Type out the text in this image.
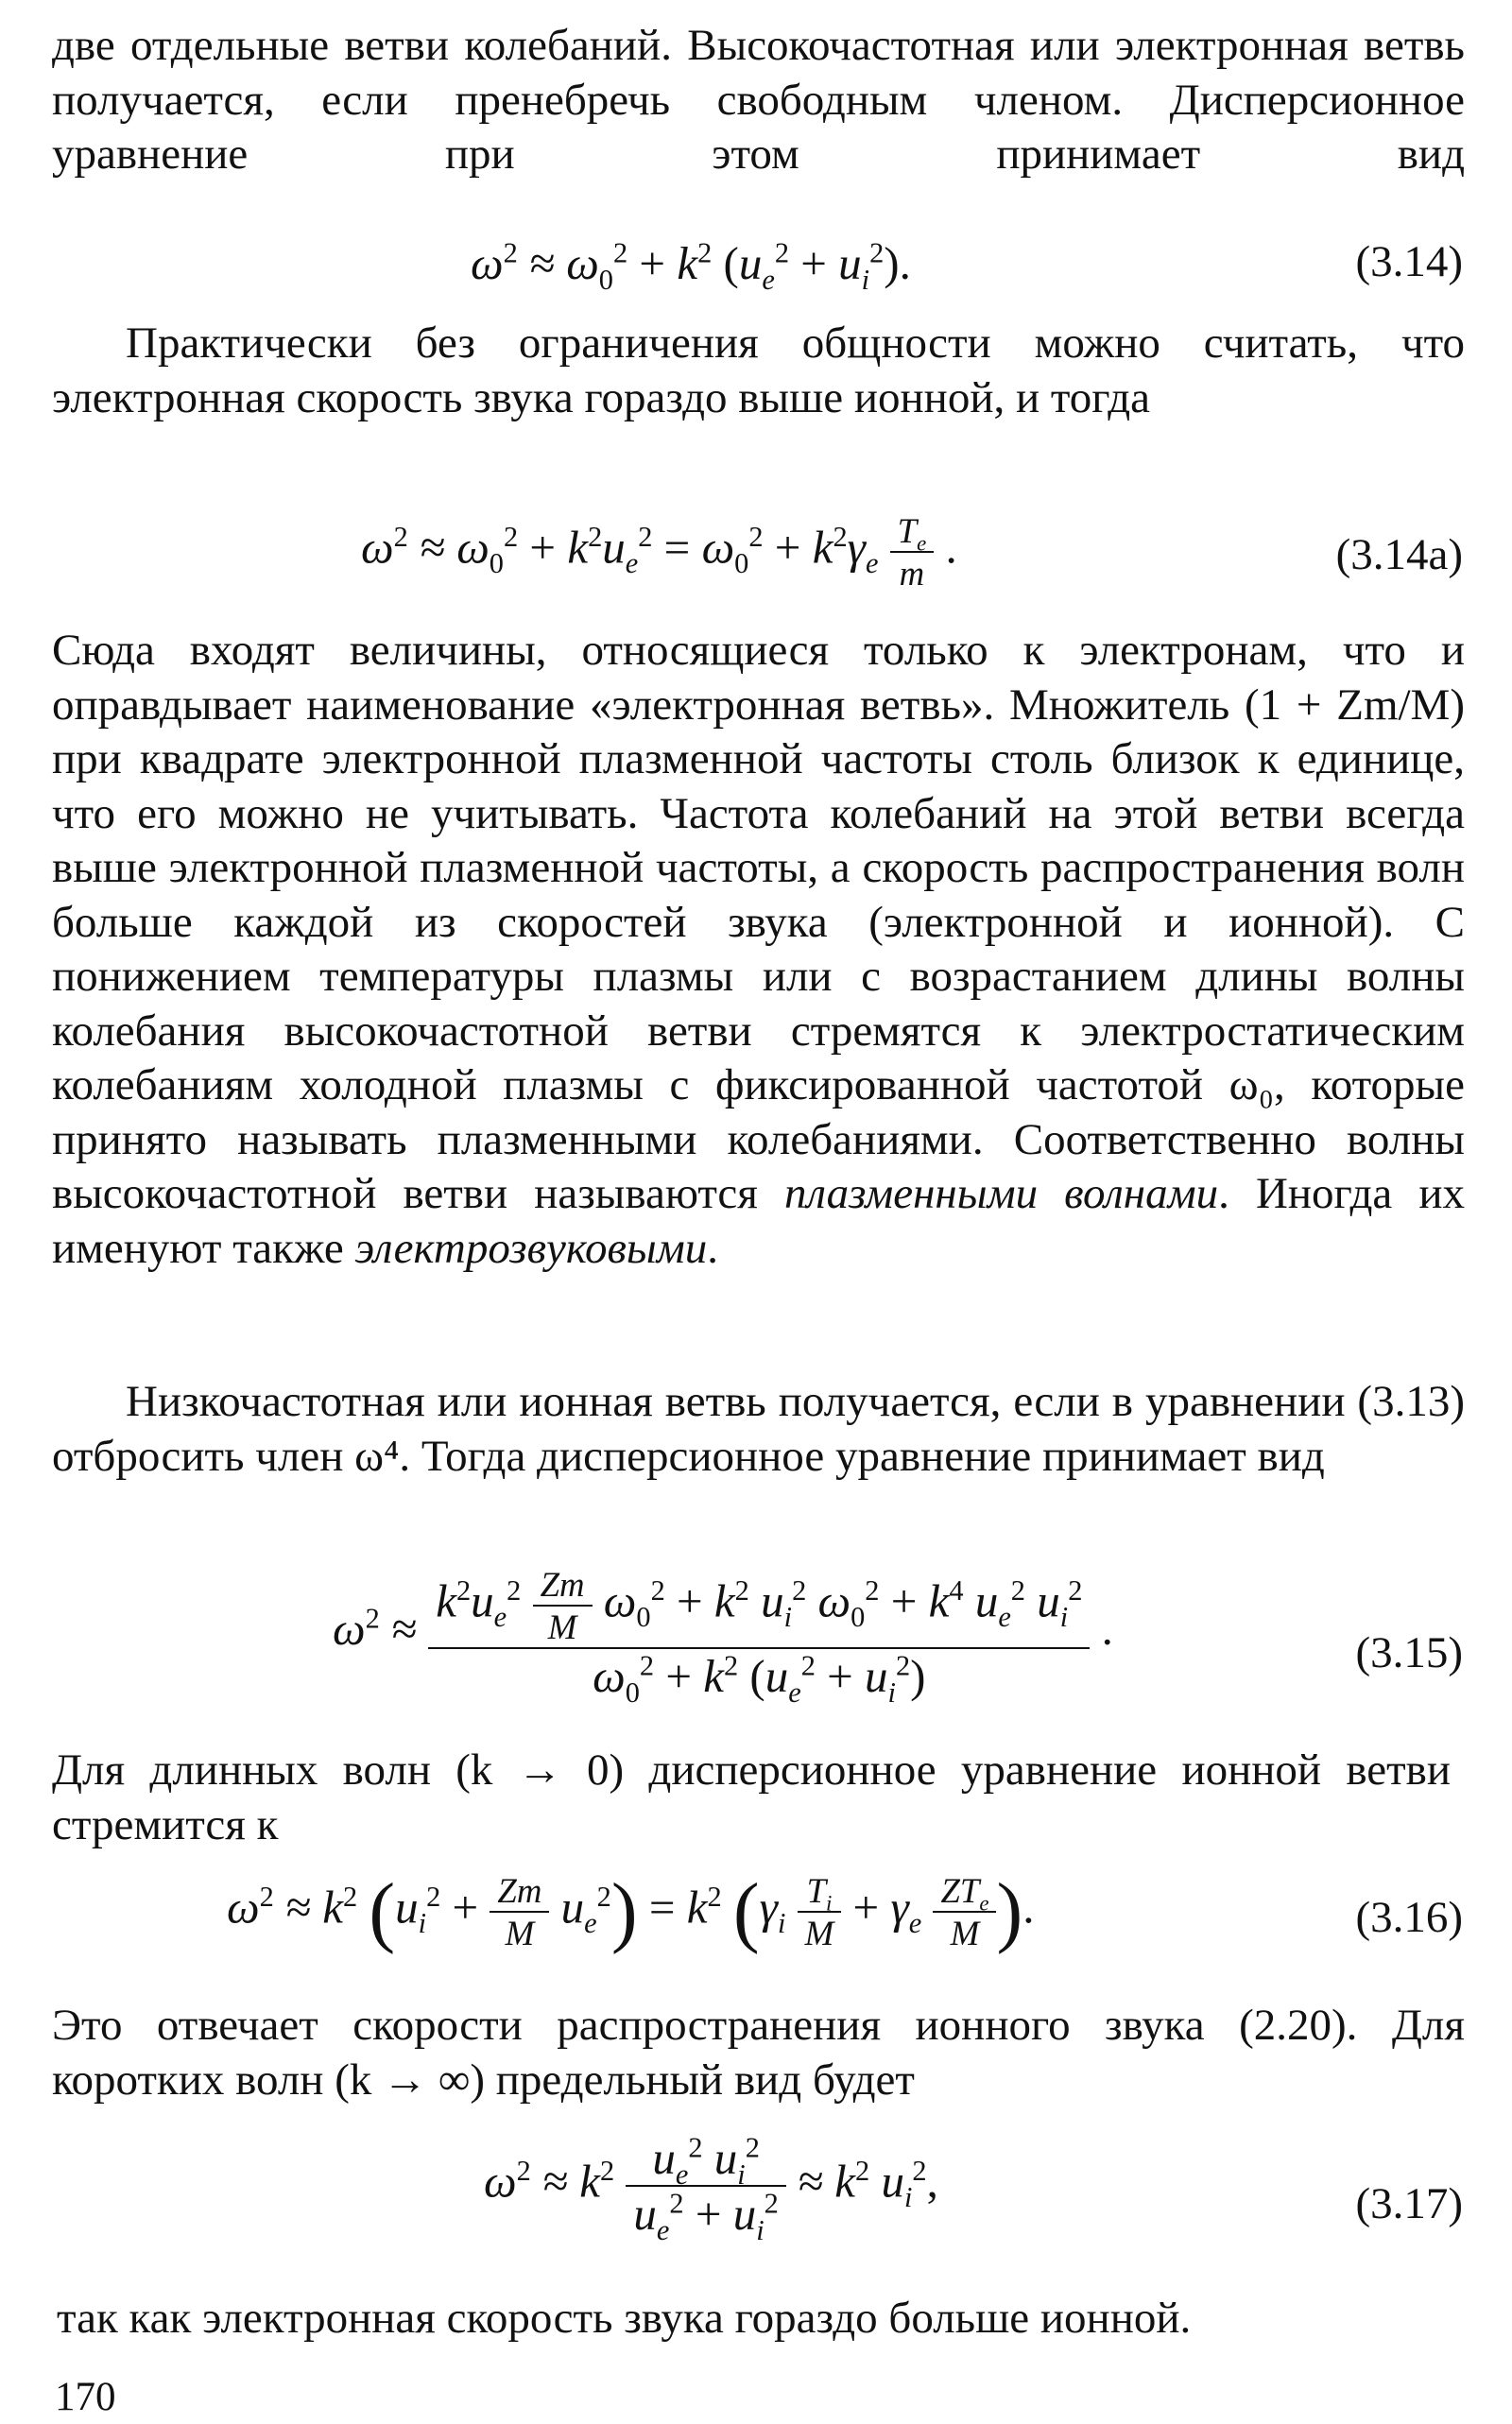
две отдельные ветви колебаний. Высокочастотная или электронная ветвь получается, если пренебречь свободным членом. Дисперсионное уравнение при этом принимает вид
$\omega^2 \approx \omega_0^2 + k^2$ $(u_e^2 + u_i^2)$.	(3.14)
Практически без ограничения общности можно считать, что электронная скорость звука гораздо выше ионной, и тогда
$\omega^2 \approx \omega_0^2 + k^2u_e^2 = \omega_0^2 + k^2\gamma_e \frac{T_e}{m}$ .	(3.14a)
Сюда входят величины, относящиеся только к электронам, что и оправдывает наименование «электронная ветвь». Множитель (1 + Zm/M) при квадрате электронной плазменной частоты столь близок к единице, что его можно не учитывать. Частота колебаний на этой ветви всегда выше электронной плазменной частоты, а скорость распространения волн больше каждой из скоростей звука (электронной и ионной). С понижением температуры плазмы или с возрастанием длины волны колебания высокочастотной ветви стремятся к электростатическим колебаниям холодной плазмы с фиксированной частотой ω₀, которые принято называть плазменными колебаниями. Соответственно волны высокочастотной ветви называются плазменными волнами. Иногда их именуют также электрозвуковыми.
Низкочастотная или ионная ветвь получается, если в уравнении (3.13) отбросить член ω⁴. Тогда дисперсионное уравнение принимает вид
$\omega^2 \approx \frac{k^2u_e^2 \frac{Zm}{M} \omega_0^2 + k^2 u_i^2 \omega_0^2 + k^4 u_e^2 u_i^2}{\omega_0^2 + k^2 (u_e^2 + u_i^2)}$ .	(3.15)
Для длинных волн (k → 0) дисперсионное уравнение ионной ветви стремится к
$\omega^2 \approx k^2$ $(u_i^2 + \frac{Zm}{M} u_e^2) = k^2$ ($\gamma_i \frac{T_i}{M} + \gamma_e \frac{ZT_e}{M}$ ).	(3.16)
Это отвечает скорости распространения ионного звука (2.20). Для коротких волн (k → ∞) предельный вид будет
$\omega^2 \approx k^2 \frac{u_e^2 u_i^2}{u_e^2 + u_i^2} \approx k^2$ $u_i^2$,	(3.17)
так как электронная скорость звука гораздо больше ионной.
170
